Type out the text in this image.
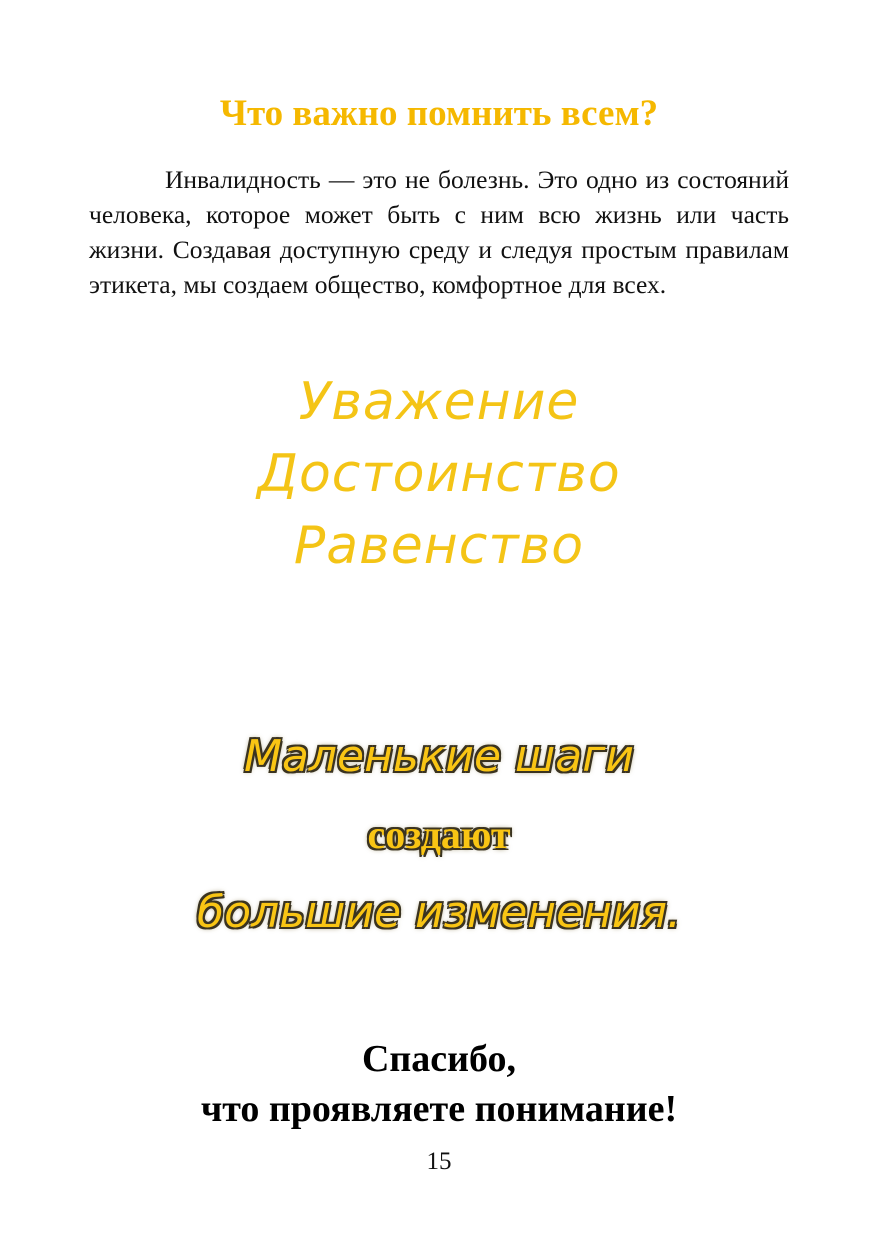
Что важно помнить всем?

Инвалидность — это не болезнь. Это одно из состояний человека, которое может быть с ним всю жизнь или часть жизни. Создавая доступную среду и следуя простым правилам этикета, мы создаем общество, комфортное для всех.

Уважение
Достоинство
Равенство
Маленькие шаги
создают
большие изменения.
Спасибо,
что проявляете понимание!
15
